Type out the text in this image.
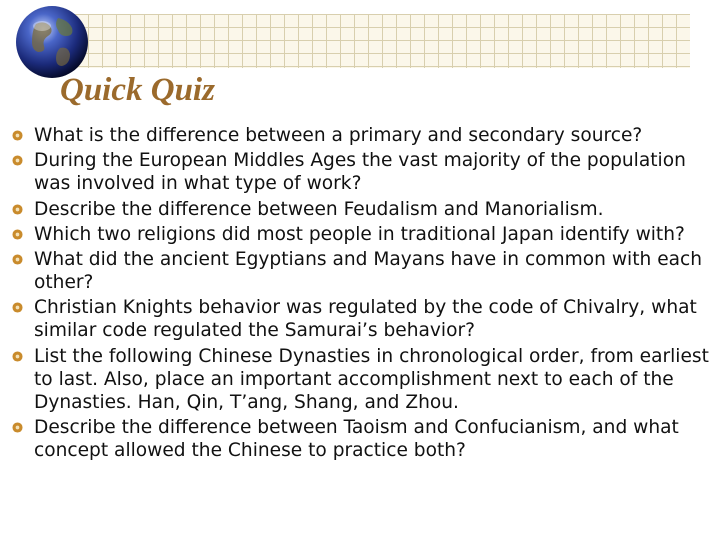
Quick Quiz
What is the difference between a primary and secondary source?
During the European Middles Ages the vast majority of the population was involved in what type of work?
Describe the difference between Feudalism and Manorialism.
Which two religions did most people in traditional Japan identify with?
What did the ancient Egyptians and Mayans have in common with each other?
Christian Knights behavior was regulated by the code of Chivalry, what similar code regulated the Samurai’s behavior?
List the following Chinese Dynasties in chronological order, from earliest to last. Also, place an important accomplishment next to each of the Dynasties. Han, Qin, T’ang, Shang, and Zhou.
Describe the difference between Taoism and Confucianism, and what concept allowed the Chinese to practice both?
